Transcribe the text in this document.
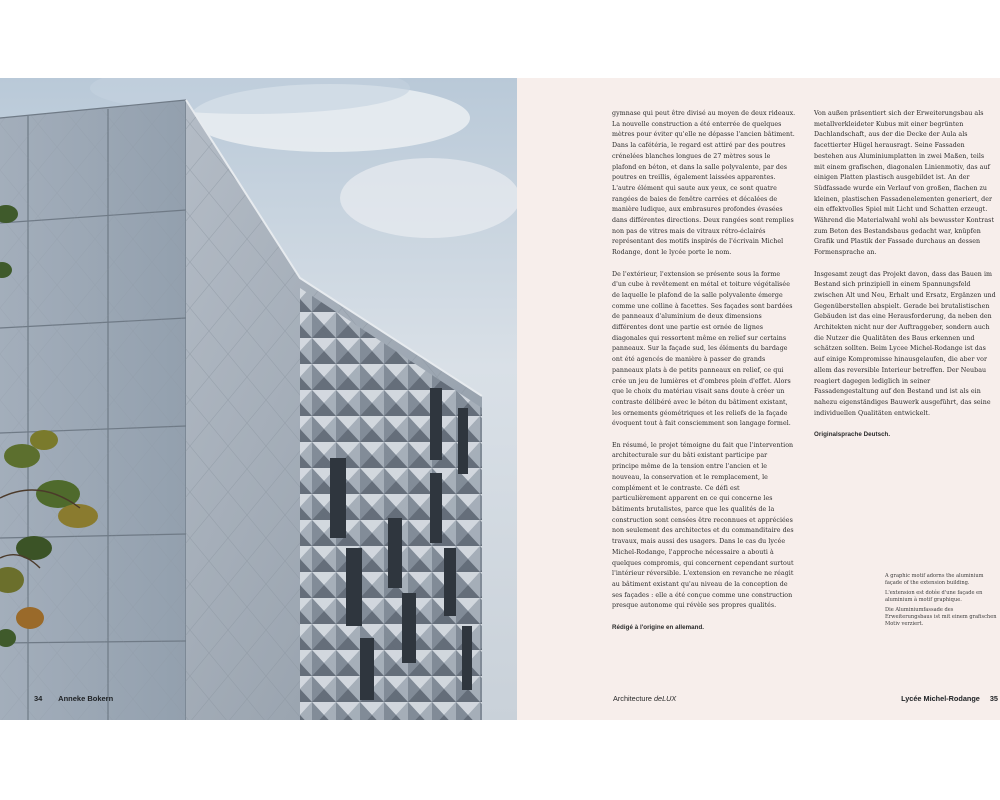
34 Anneke Bokern

gymnase qui peut être divisé au moyen de deux rideaux. La nouvelle construction a été enterrée de quelques mètres pour éviter qu'elle ne dépasse l'ancien bâtiment. Dans la cafétéria, le regard est attiré par des poutres crénelées blanches longues de 27 mètres sous le plafond en béton, et dans la salle polyvalente, par des poutres en treillis, également laissées apparentes. L'autre élément qui saute aux yeux, ce sont quatre rangées de baies de fenêtre carrées et décalées de manière ludique, aux embrasures profondes évasées dans différentes directions. Deux rangées sont remplies non pas de vitres mais de vitraux rétro-éclairés représentant des motifs inspirés de l'écrivain Michel Rodange, dont le lycée porte le nom.

De l'extérieur, l'extension se présente sous la forme d'un cube à revêtement en métal et toiture végétalisée de laquelle le plafond de la salle polyvalente émerge comme une colline à facettes. Ses façades sont bardées de panneaux d'aluminium de deux dimensions différentes dont une partie est ornée de lignes diagonales qui ressortent même en relief sur certains panneaux. Sur la façade sud, les éléments du bardage ont été agencés de manière à passer de grands panneaux plats à de petits panneaux en relief, ce qui crée un jeu de lumières et d'ombres plein d'effet. Alors que le choix du matériau visait sans doute à créer un contraste délibéré avec le béton du bâtiment existant, les ornements géométriques et les reliefs de la façade évoquent tout à fait consciemment son langage formel.

En résumé, le projet témoigne du fait que l'intervention architecturale sur du bâti existant participe par principe même de la tension entre l'ancien et le nouveau, la conservation et le remplacement, le complément et le contraste. Ce défi est particulièrement apparent en ce qui concerne les bâtiments brutalistes, parce que les qualités de la construction sont censées être reconnues et appréciées non seulement des architectes et du commanditaire des travaux, mais aussi des usagers. Dans le cas du lycée Michel-Rodange, l'approche nécessaire a abouti à quelques compromis, qui concernent cependant surtout l'intérieur réversible. L'extension en revanche ne réagit au bâtiment existant qu'au niveau de la conception de ses façades : elle a été conçue comme une construction presque autonome qui révèle ses propres qualités.

Rédigé à l'origine en allemand.

Von außen präsentiert sich der Erweiterungsbau als metallverkleideter Kubus mit einer begrünten Dachlandschaft, aus der die Decke der Aula als facettierter Hügel herausragt. Seine Fassaden bestehen aus Aluminiumplatten in zwei Maßen, teils mit einem grafischen, diagonalen Linienmotiv, das auf einigen Platten plastisch ausgebildet ist. An der Südfassade wurde ein Verlauf von großen, flachen zu kleinen, plastischen Fassadenelementen generiert, der ein effektvolles Spiel mit Licht und Schatten erzeugt. Während die Materialwahl wohl als bewusster Kontrast zum Beton des Bestandsbaus gedacht war, knüpfen Grafik und Plastik der Fassade durchaus an dessen Formensprache an.

Insgesamt zeugt das Projekt davon, dass das Bauen im Bestand sich prinzipiell in einem Spannungsfeld zwischen Alt und Neu, Erhalt und Ersatz, Ergänzen und Gegenüberstellen abspielt. Gerade bei brutalistischen Gebäuden ist das eine Herausforderung, da neben den Architekten nicht nur der Auftraggeber, sondern auch die Nutzer die Qualitäten des Baus erkennen und schätzen sollten. Beim Lycee Michel-Rodange ist das auf einige Kompromisse hinausgelaufen, die aber vor allem das reversible Interieur betreffen. Der Neubau reagiert dagegen lediglich in seiner Fassadengestaltung auf den Bestand und ist als ein nahezu eigenständiges Bauwerk ausgeführt, das seine individuellen Qualitäten entwickelt.

Originalsprache Deutsch.

A graphic motif adorns the aluminium façade of the extension building.

L'extension est dotée d'une façade en aluminium à motif graphique.

Die Aluminiumfassade des Erweiterungsbaus ist mit einem grafischen Motiv verziert.

Architecture deLUX	Lycée Michel-Rodange 35
